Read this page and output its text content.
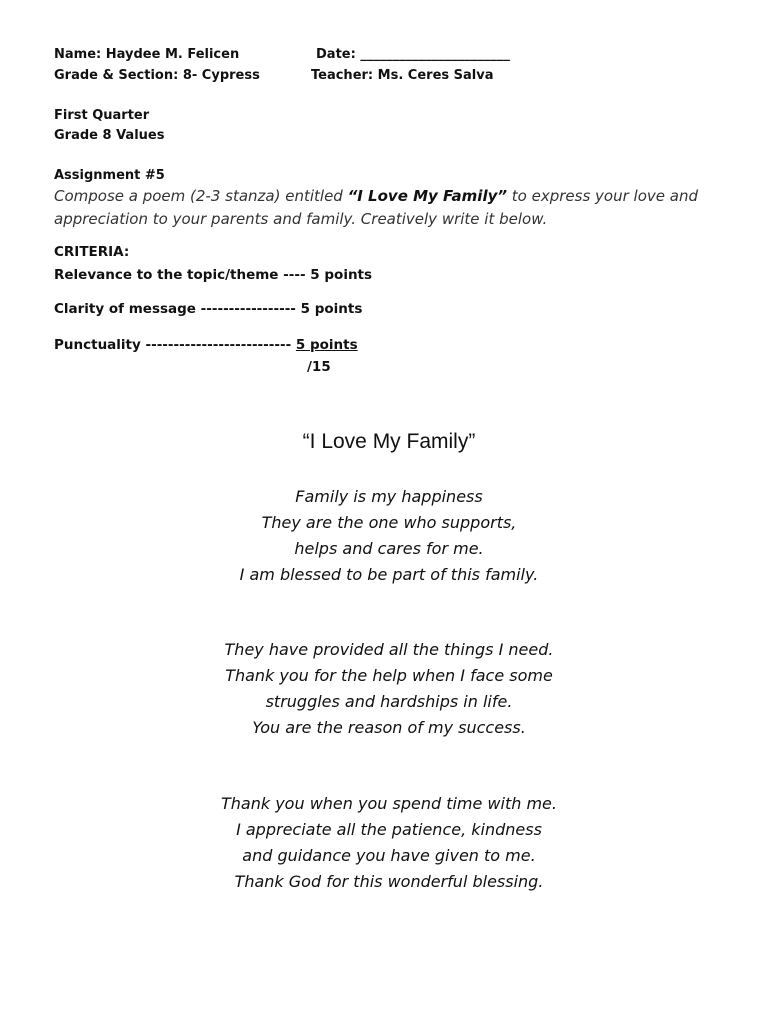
Name: Haydee M. Felicen	Date: _______________________
Grade & Section: 8- Cypress	Teacher: Ms. Ceres Salva
First Quarter
Grade 8 Values
Assignment #5
Compose a poem (2-3 stanza) entitled “I Love My Family” to express your love and
appreciation to your parents and family. Creatively write it below.
CRITERIA:
Relevance to the topic/theme ---- 5 points
Clarity of message ----------------- 5 points
Punctuality -------------------------- 5 points
/15
“I Love My Family”
Family is my happiness
They are the one who supports,
helps and cares for me.
I am blessed to be part of this family.
They have provided all the things I need.
Thank you for the help when I face some
struggles and hardships in life.
You are the reason of my success.
Thank you when you spend time with me.
I appreciate all the patience, kindness
and guidance you have given to me.
Thank God for this wonderful blessing.
